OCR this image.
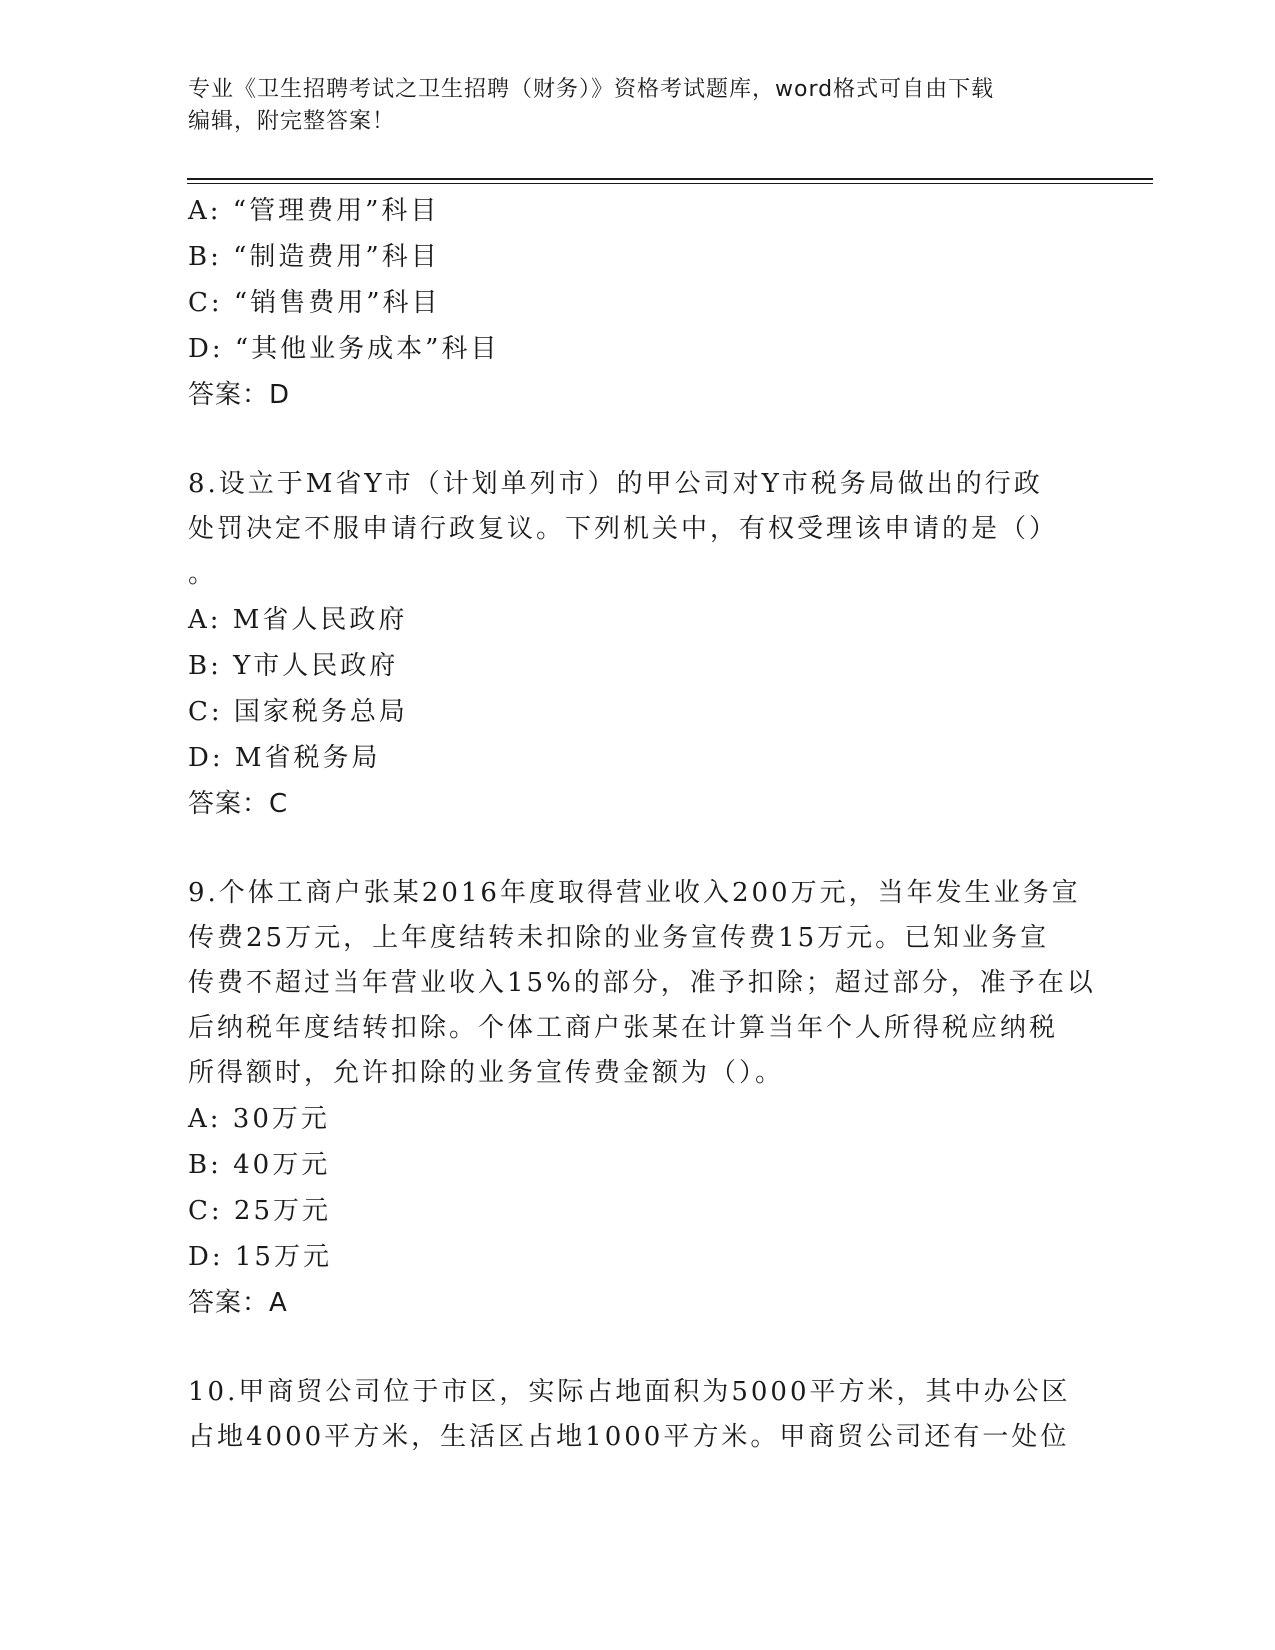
专业《卫生招聘考试之卫生招聘（财务）》资格考试题库，word格式可自由下载
编辑，附完整答案！
A: “管理费用”科目
B: “制造费用”科目
C: “销售费用”科目
D: “其他业务成本”科目
答案：D
8.设立于M省Y市（计划单列市）的甲公司对Y市税务局做出的行政
处罚决定不服申请行政复议。下列机关中，有权受理该申请的是（）
。
A: M省人民政府
B: Y市人民政府
C: 国家税务总局
D: M省税务局
答案：C
9.个体工商户张某2016年度取得营业收入200万元，当年发生业务宣
传费25万元，上年度结转未扣除的业务宣传费15万元。已知业务宣
传费不超过当年营业收入15%的部分，准予扣除；超过部分，准予在以
后纳税年度结转扣除。个体工商户张某在计算当年个人所得税应纳税
所得额时，允许扣除的业务宣传费金额为（）。
A: 30万元
B: 40万元
C: 25万元
D: 15万元
答案：A
10.甲商贸公司位于市区，实际占地面积为5000平方米，其中办公区
占地4000平方米，生活区占地1000平方米。甲商贸公司还有一处位
